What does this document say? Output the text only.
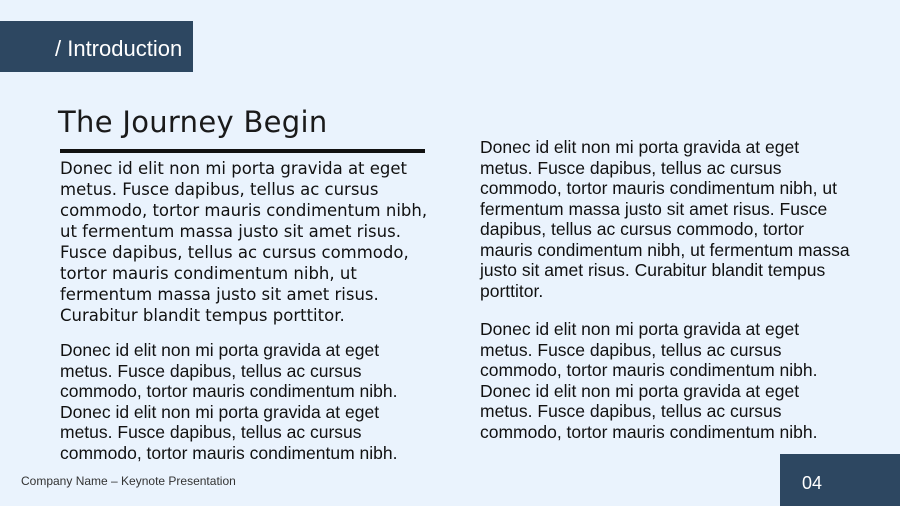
/ Introduction
The Journey Begin

Donec id elit non mi porta gravida at eget metus. Fusce dapibus, tellus ac cursus commodo, tortor mauris condimentum nibh, ut fermentum massa justo sit amet risus. Fusce dapibus, tellus ac cursus commodo, tortor mauris condimentum nibh, ut fermentum massa justo sit amet risus. Curabitur blandit tempus porttitor.

Donec id elit non mi porta gravida at eget metus. Fusce dapibus, tellus ac cursus commodo, tortor mauris condimentum nibh. Donec id elit non mi porta gravida at eget metus. Fusce dapibus, tellus ac cursus commodo, tortor mauris condimentum nibh.

Donec id elit non mi porta gravida at eget metus. Fusce dapibus, tellus ac cursus commodo, tortor mauris condimentum nibh, ut fermentum massa justo sit amet risus. Fusce dapibus, tellus ac cursus commodo, tortor mauris condimentum nibh, ut fermentum massa justo sit amet risus. Curabitur blandit tempus porttitor.

Donec id elit non mi porta gravida at eget metus. Fusce dapibus, tellus ac cursus commodo, tortor mauris condimentum nibh. Donec id elit non mi porta gravida at eget metus. Fusce dapibus, tellus ac cursus commodo, tortor mauris condimentum nibh.

Company Name – Keynote Presentation	04
